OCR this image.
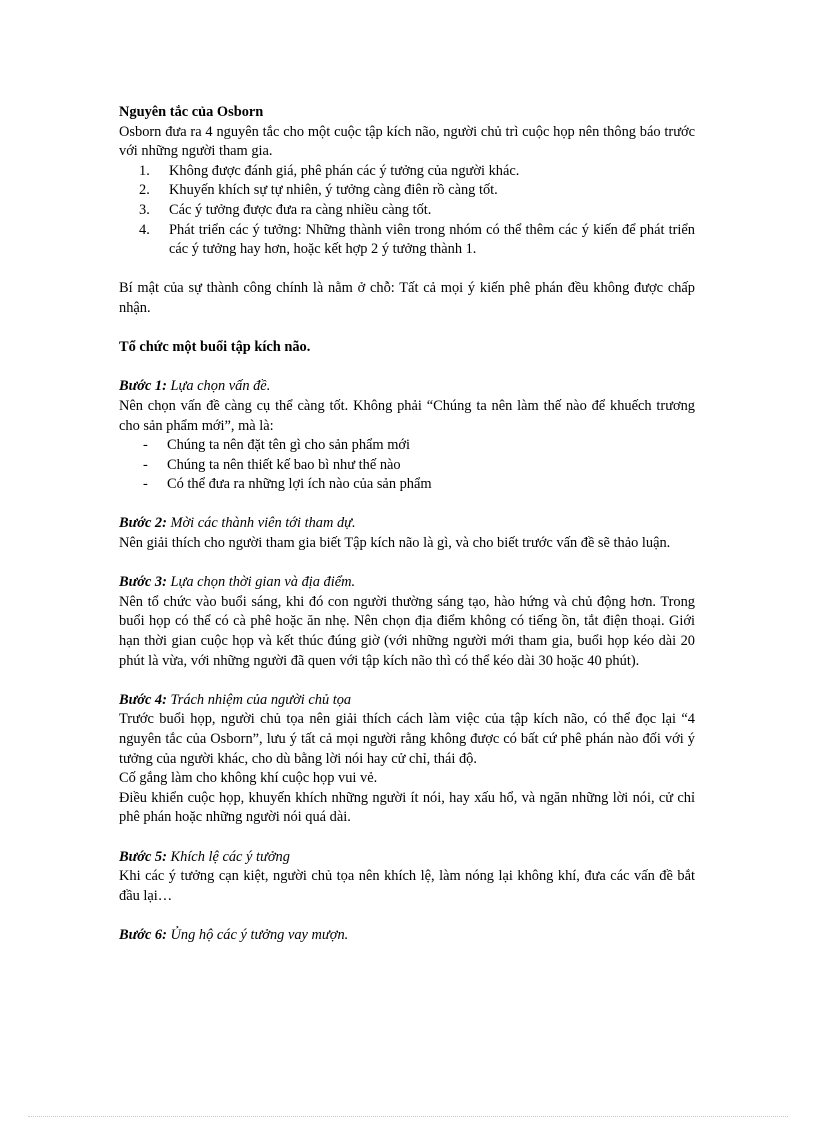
Nguyên tắc của Osborn

Osborn đưa ra 4 nguyên tắc cho một cuộc tập kích não, người chủ trì cuộc họp nên thông báo trước với những người tham gia.

1. Không được đánh giá, phê phán các ý tưởng của người khác.
2. Khuyến khích sự tự nhiên, ý tưởng càng điên rồ càng tốt.
3. Các ý tưởng được đưa ra càng nhiều càng tốt.
4. Phát triển các ý tưởng: Những thành viên trong nhóm có thể thêm các ý kiến để phát triển các ý tưởng hay hơn, hoặc kết hợp 2 ý tưởng thành 1.

Bí mật của sự thành công chính là nằm ở chỗ: Tất cả mọi ý kiến phê phán đều không được chấp nhận.

Tổ chức một buổi tập kích não.

Bước 1: Lựa chọn vấn đề.

Nên chọn vấn đề càng cụ thể càng tốt. Không phải “Chúng ta nên làm thế nào để khuếch trương cho sản phẩm mới”, mà là:

- Chúng ta nên đặt tên gì cho sản phẩm mới
- Chúng ta nên thiết kế bao bì như thế nào
- Có thể đưa ra những lợi ích nào của sản phẩm

Bước 2: Mời các thành viên tới tham dự.

Nên giải thích cho người tham gia biết Tập kích não là gì, và cho biết trước vấn đề sẽ thảo luận.

Bước 3: Lựa chọn thời gian và địa điểm.

Nên tổ chức vào buổi sáng, khi đó con người thường sáng tạo, hào hứng và chủ động hơn. Trong buổi họp có thể có cà phê hoặc ăn nhẹ. Nên chọn địa điểm không có tiếng ồn, tắt điện thoại. Giới hạn thời gian cuộc họp và kết thúc đúng giờ (với những người mới tham gia, buổi họp kéo dài 20 phút là vừa, với những người đã quen với tập kích não thì có thể kéo dài 30 hoặc 40 phút).

Bước 4: Trách nhiệm của người chủ tọa

Trước buổi họp, người chủ tọa nên giải thích cách làm việc của tập kích não, có thể đọc lại “4 nguyên tắc của Osborn”, lưu ý tất cả mọi người rằng không được có bất cứ phê phán nào đối với ý tưởng của người khác, cho dù bằng lời nói hay cử chỉ, thái độ.

Cố gắng làm cho không khí cuộc họp vui vẻ.

Điều khiển cuộc họp, khuyến khích những người ít nói, hay xấu hổ, và ngăn những lời nói, cử chỉ phê phán hoặc những người nói quá dài.

Bước 5: Khích lệ các ý tưởng

Khi các ý tưởng cạn kiệt, người chủ tọa nên khích lệ, làm nóng lại không khí, đưa các vấn đề bắt đầu lại…

Bước 6: Ủng hộ các ý tưởng vay mượn.
